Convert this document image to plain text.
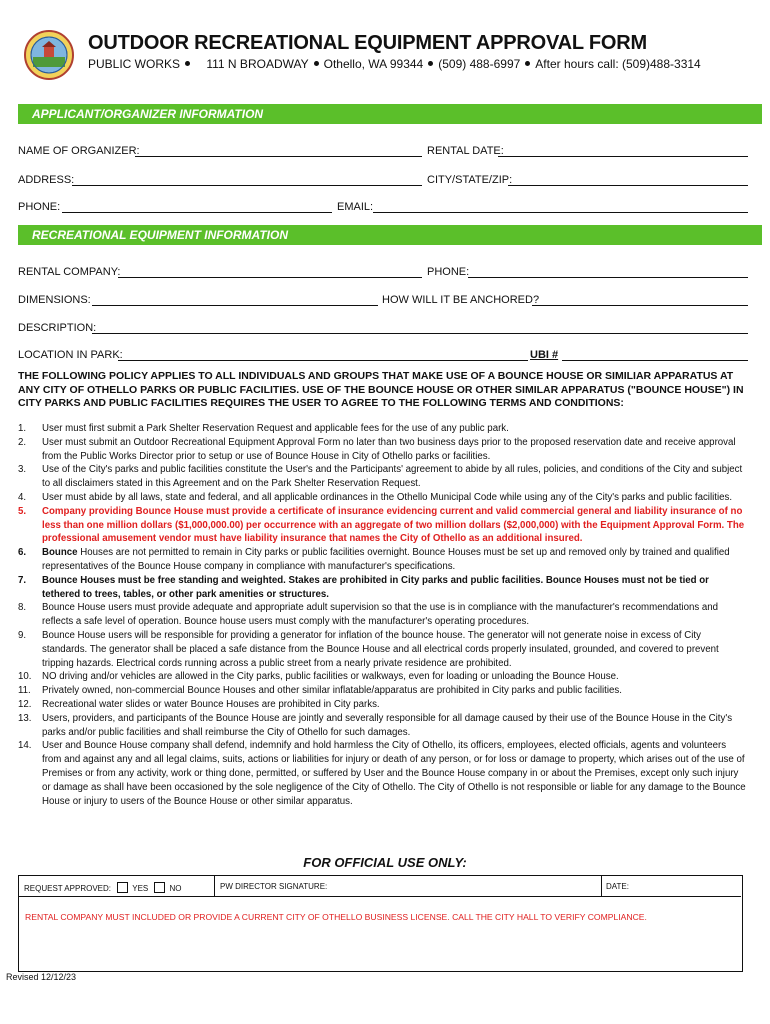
OUTDOOR RECREATIONAL EQUIPMENT APPROVAL FORM
PUBLIC WORKS 111 N BROADWAY Othello, WA 99344 (509) 488-6997 After hours call: (509)488-3314
APPLICANT/ORGANIZER INFORMATION
NAME OF ORGANIZER:	RENTAL DATE:
ADDRESS:	CITY/STATE/ZIP:
PHONE:	EMAIL:
RECREATIONAL EQUIPMENT INFORMATION
RENTAL COMPANY:	PHONE:
DIMENSIONS:	HOW WILL IT BE ANCHORED?
DESCRIPTION:
LOCATION IN PARK:	UBI #
THE FOLLOWING POLICY APPLIES TO ALL INDIVIDUALS AND GROUPS THAT MAKE USE OF A BOUNCE HOUSE OR SIMILIAR APPARATUS AT ANY CITY OF OTHELLO PARKS OR PUBLIC FACILITIES. USE OF THE BOUNCE HOUSE OR OTHER SIMILAR APPARATUS ("BOUNCE HOUSE") IN CITY PARKS AND PUBLIC FACILITIES REQUIRES THE USER TO AGREE TO THE FOLLOWING TERMS AND CONDITIONS:
1. User must first submit a Park Shelter Reservation Request and applicable fees for the use of any public park.
2. User must submit an Outdoor Recreational Equipment Approval Form no later than two business days prior to the proposed reservation date and receive approval from the Public Works Director prior to setup or use of Bounce House in City of Othello parks or facilities.
3. Use of the City's parks and public facilities constitute the User's and the Participants' agreement to abide by all rules, policies, and conditions of the City and subject to all disclaimers stated in this Agreement and on the Park Shelter Reservation Request.
4. User must abide by all laws, state and federal, and all applicable ordinances in the Othello Municipal Code while using any of the City's parks and public facilities.
5. Company providing Bounce House must provide a certificate of insurance evidencing current and valid commercial general and liability insurance of no less than one million dollars ($1,000,000.00) per occurrence with an aggregate of two million dollars ($2,000,000) with the Equipment Approval Form. The professional amusement vendor must have liability insurance that names the City of Othello as an additional insured.
6. Bounce Houses are not permitted to remain in City parks or public facilities overnight. Bounce Houses must be set up and removed only by trained and qualified representatives of the Bounce House company in compliance with manufacturer's specifications.
7. Bounce Houses must be free standing and weighted. Stakes are prohibited in City parks and public facilities. Bounce Houses must not be tied or tethered to trees, tables, or other park amenities or structures.
8. Bounce House users must provide adequate and appropriate adult supervision so that the use is in compliance with the manufacturer's recommendations and reflects a safe level of operation. Bounce house users must comply with the manufacturer's operating procedures.
9. Bounce House users will be responsible for providing a generator for inflation of the bounce house. The generator will not generate noise in excess of City standards. The generator shall be placed a safe distance from the Bounce House and all electrical cords properly insulated, grounded, and covered to prevent tripping hazards. Electrical cords running across a public street from a nearly private residence are prohibited.
10. NO driving and/or vehicles are allowed in the City parks, public facilities or walkways, even for loading or unloading the Bounce House.
11. Privately owned, non-commercial Bounce Houses and other similar inflatable/apparatus are prohibited in City parks and public facilities.
12. Recreational water slides or water Bounce Houses are prohibited in City parks.
13. Users, providers, and participants of the Bounce House are jointly and severally responsible for all damage caused by their use of the Bounce House in the City's parks and/or public facilities and shall reimburse the City of Othello for such damages.
14. User and Bounce House company shall defend, indemnify and hold harmless the City of Othello, its officers, employees, elected officials, agents and volunteers from and against any and all legal claims, suits, actions or liabilities for injury or death of any person, or for loss or damage to property, which arises out of the use of Premises or from any activity, work or thing done, permitted, or suffered by User and the Bounce House company in or about the Premises, except only such injury or damage as shall have been occasioned by the sole negligence of the City of Othello. The City of Othello is not responsible or liable for any damage to the Bounce House or injury to users of the Bounce House or other similar apparatus.
FOR OFFICIAL USE ONLY:
REQUEST APPROVED:	YES	NO	PW DIRECTOR SIGNATURE:	DATE:
RENTAL COMPANY MUST INCLUDED OR PROVIDE A CURRENT CITY OF OTHELLO BUSINESS LICENSE. CALL THE CITY HALL TO VERIFY COMPLIANCE.
Revised 12/12/23
